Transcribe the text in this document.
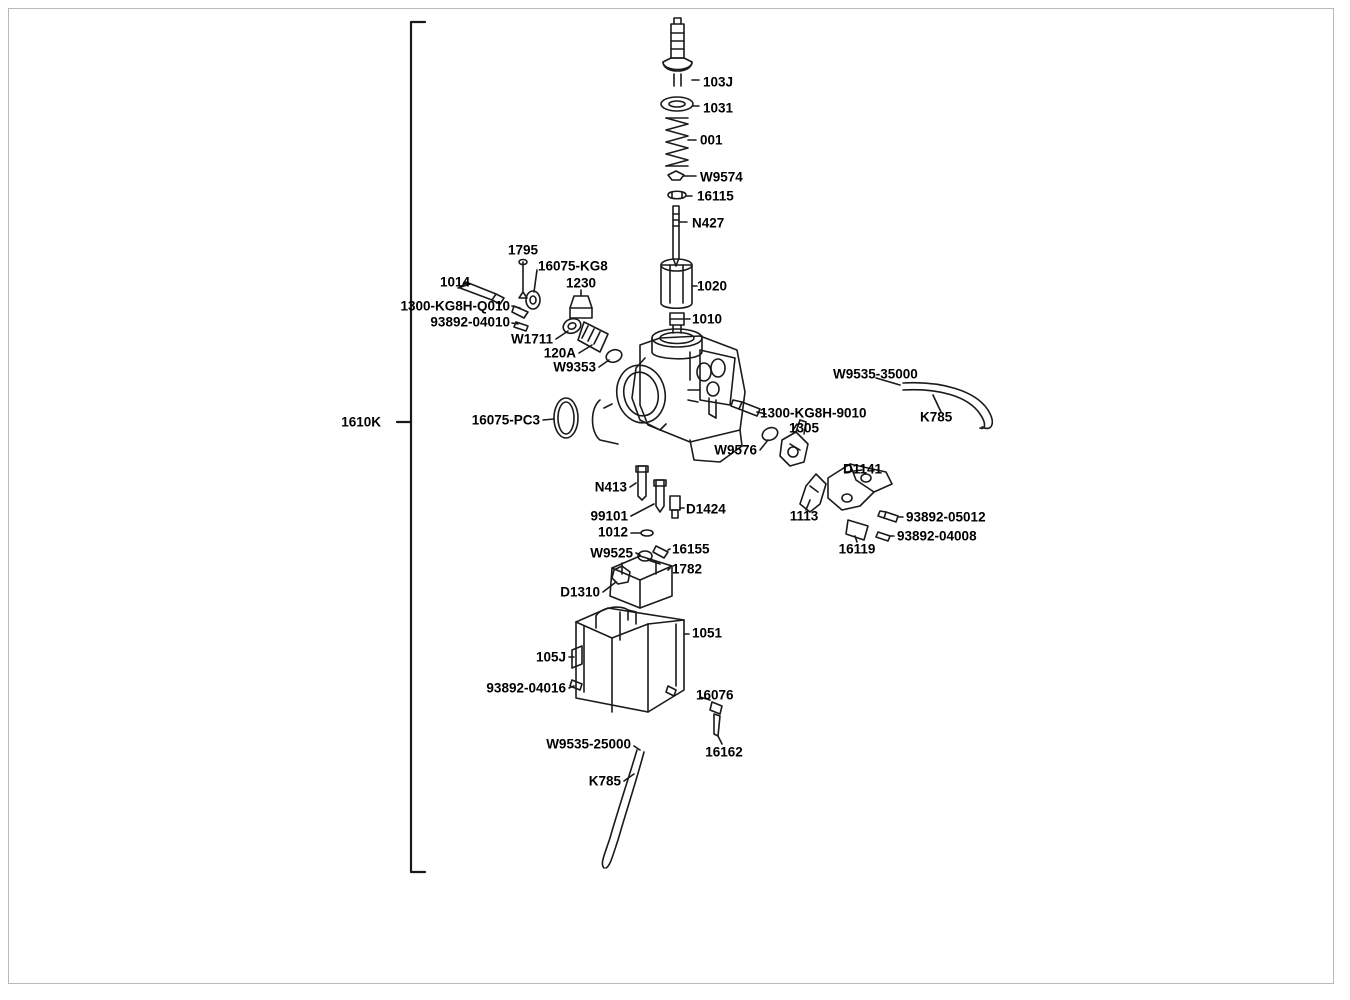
1610K
103J
1031
001
W9574
16115
N427
1020
1010
1795
16075-KG8
1230
1014
1300-KG8H-Q010
93892-04010
W1711
120A
W9353
16075-PC3
W9535-35000
K785
1300-KG8H-9010
1305
W9576
D1141
N413
D1424
99101
1012
1113	93892-05012
93892-04008
16119
W9525	16155
1782
D1310
1051
105J
93892-04016	16076
16162
W9535-25000
K785
